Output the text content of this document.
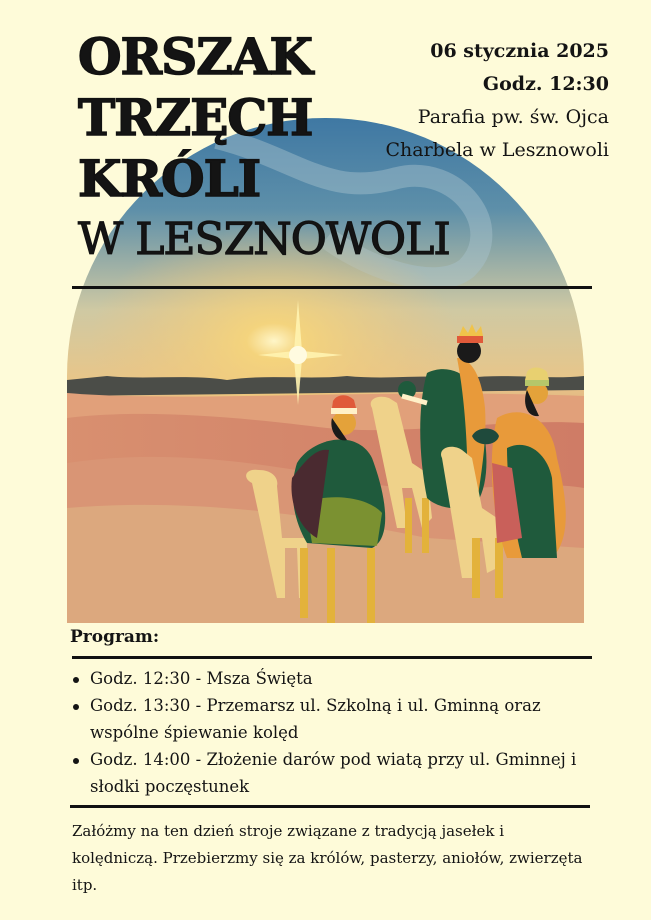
ORSZAK
TRZĘCH
KRÓLI
W LESZNOWOLI
06 stycznia 2025
Godz. 12:30
Parafia pw. św. Ojca
Charbela w Lesznowoli
Program:
Godz. 12:30 - Msza Święta
Godz. 13:30 - Przemarsz ul. Szkolną i ul. Gminną oraz wspólne śpiewanie kolęd
Godz. 14:00 - Złożenie darów pod wiatą przy ul. Gminnej i słodki poczęstunek
Załóżmy na ten dzień stroje związane z tradycją jasełek i kolędniczą. Przebierzmy się za królów, pasterzy, aniołów, zwierzęta itp.
